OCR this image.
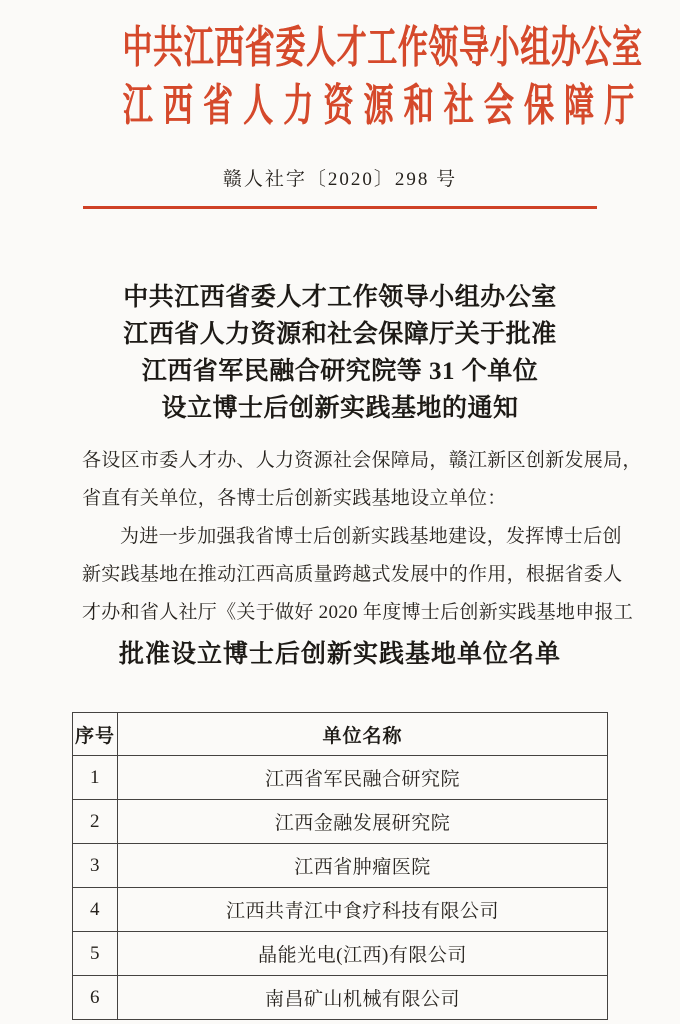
中共江西省委人才工作领导小组办公室
江西省人力资源和社会保障厅
赣人社字〔2020〕298 号
中共江西省委人才工作领导小组办公室
江西省人力资源和社会保障厅关于批准
江西省军民融合研究院等 31 个单位
设立博士后创新实践基地的通知
各设区市委人才办、人力资源社会保障局，赣江新区创新发展局，
省直有关单位，各博士后创新实践基地设立单位：
为进一步加强我省博士后创新实践基地建设，发挥博士后创
新实践基地在推动江西高质量跨越式发展中的作用，根据省委人
才办和省人社厅《关于做好 2020 年度博士后创新实践基地申报工
批准设立博士后创新实践基地单位名单
序号	单位名称
1	江西省军民融合研究院
2	江西金融发展研究院
3	江西省肿瘤医院
4	江西共青江中食疗科技有限公司
5	晶能光电(江西)有限公司
6	南昌矿山机械有限公司
